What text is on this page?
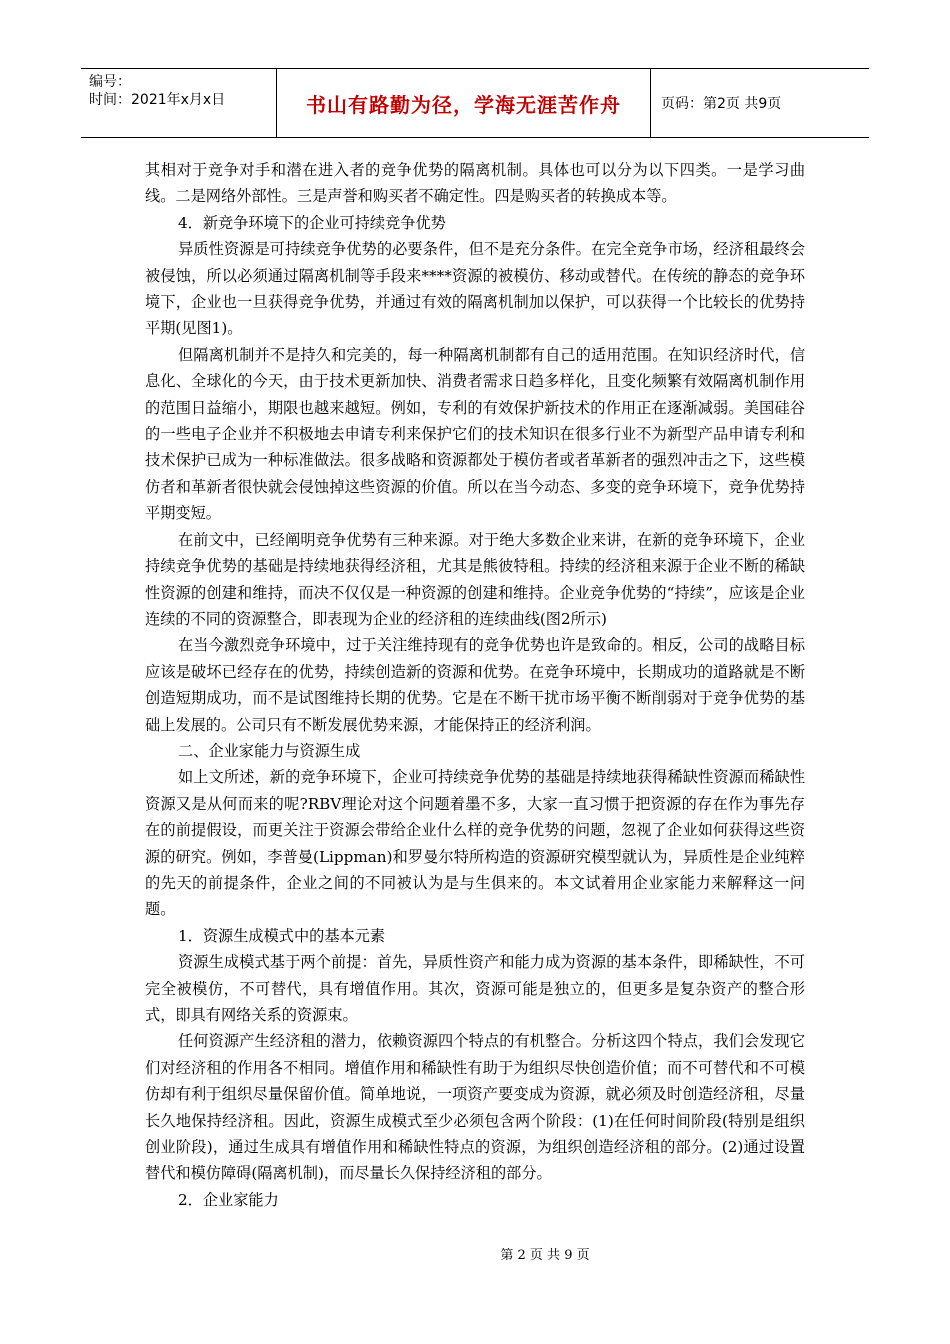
编号：
时间：2021年x月x日	书山有路勤为径，学海无涯苦作舟	页码：第2页 共9页

其相对于竞争对手和潜在进入者的竞争优势的隔离机制。具体也可以分为以下四类。一是学习曲线。二是网络外部性。三是声誉和购买者不确定性。四是购买者的转换成本等。

4．新竞争环境下的企业可持续竞争优势

异质性资源是可持续竞争优势的必要条件，但不是充分条件。在完全竞争市场，经济租最终会被侵蚀，所以必须通过隔离机制等手段来****资源的被模仿、移动或替代。在传统的静态的竞争环境下，企业也一旦获得竞争优势，并通过有效的隔离机制加以保护，可以获得一个比较长的优势持平期(见图1)。

但隔离机制并不是持久和完美的，每一种隔离机制都有自己的适用范围。在知识经济时代，信息化、全球化的今天，由于技术更新加快、消费者需求日趋多样化，且变化频繁有效隔离机制作用的范围日益缩小，期限也越来越短。例如，专利的有效保护新技术的作用正在逐渐减弱。美国硅谷的一些电子企业并不积极地去申请专利来保护它们的技术知识在很多行业不为新型产品申请专利和技术保护已成为一种标准做法。很多战略和资源都处于模仿者或者革新者的强烈冲击之下，这些模仿者和革新者很快就会侵蚀掉这些资源的价值。所以在当今动态、多变的竞争环境下，竞争优势持平期变短。

在前文中，已经阐明竞争优势有三种来源。对于绝大多数企业来讲，在新的竞争环境下，企业持续竞争优势的基础是持续地获得经济租，尤其是熊彼特租。持续的经济租来源于企业不断的稀缺性资源的创建和维持，而决不仅仅是一种资源的创建和维持。企业竞争优势的“持续”，应该是企业连续的不同的资源整合，即表现为企业的经济租的连续曲线(图2所示)

在当今激烈竞争环境中，过于关注维持现有的竞争优势也许是致命的。相反，公司的战略目标应该是破坏已经存在的优势，持续创造新的资源和优势。在竞争环境中，长期成功的道路就是不断创造短期成功，而不是试图维持长期的优势。它是在不断干扰市场平衡不断削弱对于竞争优势的基础上发展的。公司只有不断发展优势来源，才能保持正的经济利润。

二、企业家能力与资源生成

如上文所述，新的竞争环境下，企业可持续竞争优势的基础是持续地获得稀缺性资源而稀缺性资源又是从何而来的呢?RBV理论对这个问题着墨不多，大家一直习惯于把资源的存在作为事先存在的前提假设，而更关注于资源会带给企业什么样的竞争优势的问题，忽视了企业如何获得这些资源的研究。例如，李普曼(Lippman)和罗曼尔特所构造的资源研究模型就认为，异质性是企业纯粹的先天的前提条件，企业之间的不同被认为是与生俱来的。本文试着用企业家能力来解释这一问题。

1．资源生成模式中的基本元素

资源生成模式基于两个前提：首先，异质性资产和能力成为资源的基本条件，即稀缺性，不可完全被模仿，不可替代，具有增值作用。其次，资源可能是独立的，但更多是复杂资产的整合形式，即具有网络关系的资源束。

任何资源产生经济租的潜力，依赖资源四个特点的有机整合。分析这四个特点，我们会发现它们对经济租的作用各不相同。增值作用和稀缺性有助于为组织尽快创造价值；而不可替代和不可模仿却有利于组织尽量保留价值。简单地说，一项资产要变成为资源，就必须及时创造经济租，尽量长久地保持经济租。因此，资源生成模式至少必须包含两个阶段：(1)在任何时间阶段(特别是组织创业阶段)，通过生成具有增值作用和稀缺性特点的资源，为组织创造经济租的部分。(2)通过设置替代和模仿障碍(隔离机制)，而尽量长久保持经济租的部分。

2．企业家能力

第 2 页 共 9 页
